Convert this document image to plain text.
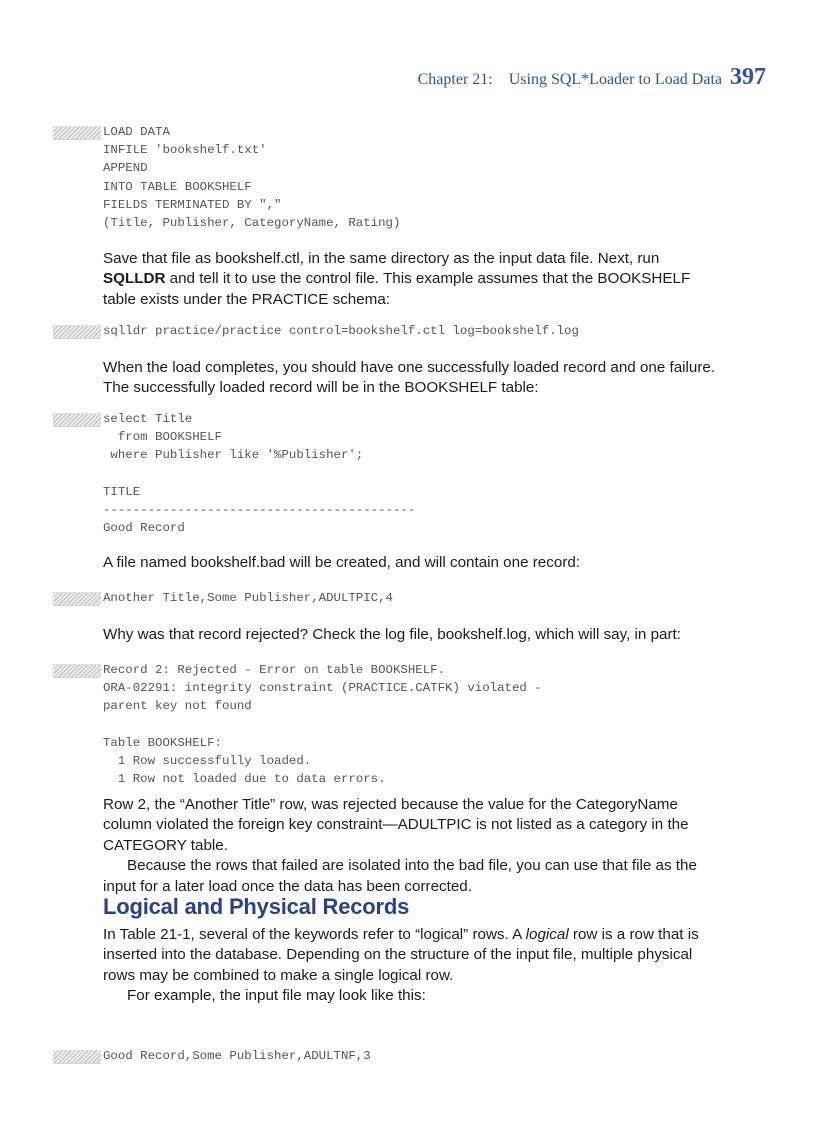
Chapter 21: Using SQL*Loader to Load Data 397
LOAD DATA
INFILE 'bookshelf.txt'
APPEND
INTO TABLE BOOKSHELF
FIELDS TERMINATED BY ","
(Title, Publisher, CategoryName, Rating)

Save that file as bookshelf.ctl, in the same directory as the input data file. Next, run SQLLDR and tell it to use the control file. This example assumes that the BOOKSHELF table exists under the PRACTICE schema:

sqlldr practice/practice control=bookshelf.ctl log=bookshelf.log

When the load completes, you should have one successfully loaded record and one failure. The successfully loaded record will be in the BOOKSHELF table:

select Title
from BOOKSHELF
where Publisher like '%Publisher';
TITLE
------------------------------------------
Good Record

A file named bookshelf.bad will be created, and will contain one record:

Another Title,Some Publisher,ADULTPIC,4

Why was that record rejected? Check the log file, bookshelf.log, which will say, in part:

Record 2: Rejected - Error on table BOOKSHELF.
ORA-02291: integrity constraint (PRACTICE.CATFK) violated -
parent key not found
Table BOOKSHELF:
1 Row successfully loaded.
1 Row not loaded due to data errors.

Row 2, the “Another Title” row, was rejected because the value for the CategoryName column violated the foreign key constraint—ADULTPIC is not listed as a category in the CATEGORY table.

Because the rows that failed are isolated into the bad file, you can use that file as the input for a later load once the data has been corrected.

Logical and Physical Records

In Table 21-1, several of the keywords refer to “logical” rows. A logical row is a row that is inserted into the database. Depending on the structure of the input file, multiple physical rows may be combined to make a single logical row.

For example, the input file may look like this:

Good Record,Some Publisher,ADULTNF,3
